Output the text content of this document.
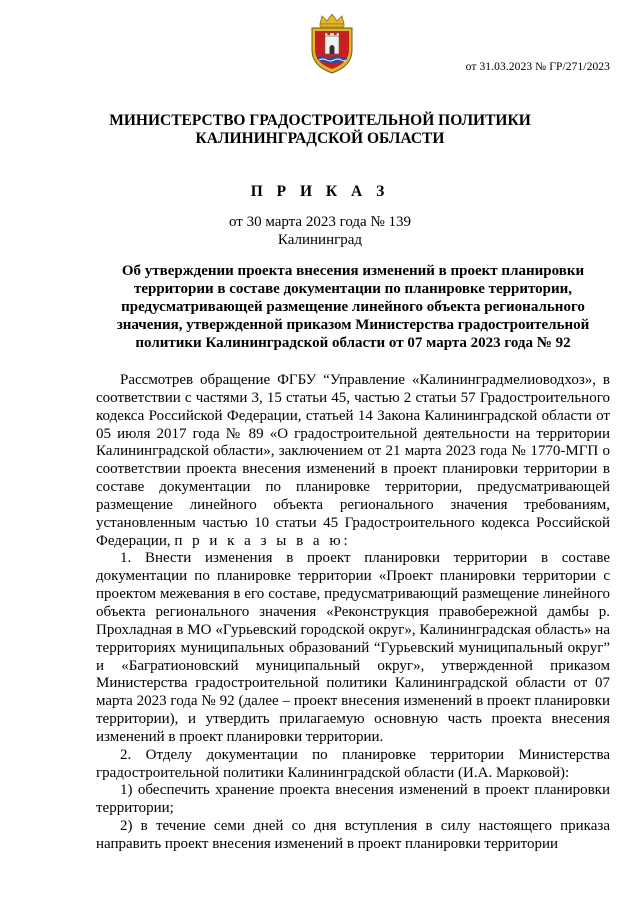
от 31.03.2023 № ГР/271/2023
МИНИСТЕРСТВО ГРАДОСТРОИТЕЛЬНОЙ ПОЛИТИКИ
КАЛИНИНГРАДСКОЙ ОБЛАСТИ
П Р И К А З
от 30 марта 2023 года № 139
Калининград
Об утверждении проекта внесения изменений в проект планировки территории в составе документации по планировке территории, предусматривающей размещение линейного объекта регионального значения, утвержденной приказом Министерства градостроительной политики Калининградской области от 07 марта 2023 года № 92

Рассмотрев обращение ФГБУ “Управление «Калининградмелиоводхоз», в соответствии с частями 3, 15 статьи 45, частью 2 статьи 57 Градостроительного кодекса Российской Федерации, статьей 14 Закона Калининградской области от 05 июля 2017 года № 89 «О градостроительной деятельности на территории Калининградской области», заключением от 21 марта 2023 года № 1770-МГП о соответствии проекта внесения изменений в проект планировки территории в составе документации по планировке территории, предусматривающей размещение линейного объекта регионального значения требованиям, установленным частью 10 статьи 45 Градостроительного кодекса Российской Федерации, п р и к а з ы в а ю:

1. Внести изменения в проект планировки территории в составе документации по планировке территории «Проект планировки территории с проектом межевания в его составе, предусматривающий размещение линейного объекта регионального значения «Реконструкция правобережной дамбы р. Прохладная в МО «Гурьевский городской округ», Калининградская область» на территориях муниципальных образований “Гурьевский муниципальный округ” и «Багратионовский муниципальный округ», утвержденной приказом Министерства градостроительной политики Калининградской области от 07 марта 2023 года № 92 (далее – проект внесения изменений в проект планировки территории), и утвердить прилагаемую основную часть проекта внесения изменений в проект планировки территории.

2. Отделу документации по планировке территории Министерства градостроительной политики Калининградской области (И.А. Марковой):

1) обеспечить хранение проекта внесения изменений в проект планировки территории;

2) в течение семи дней со дня вступления в силу настоящего приказа направить проект внесения изменений в проект планировки территории
